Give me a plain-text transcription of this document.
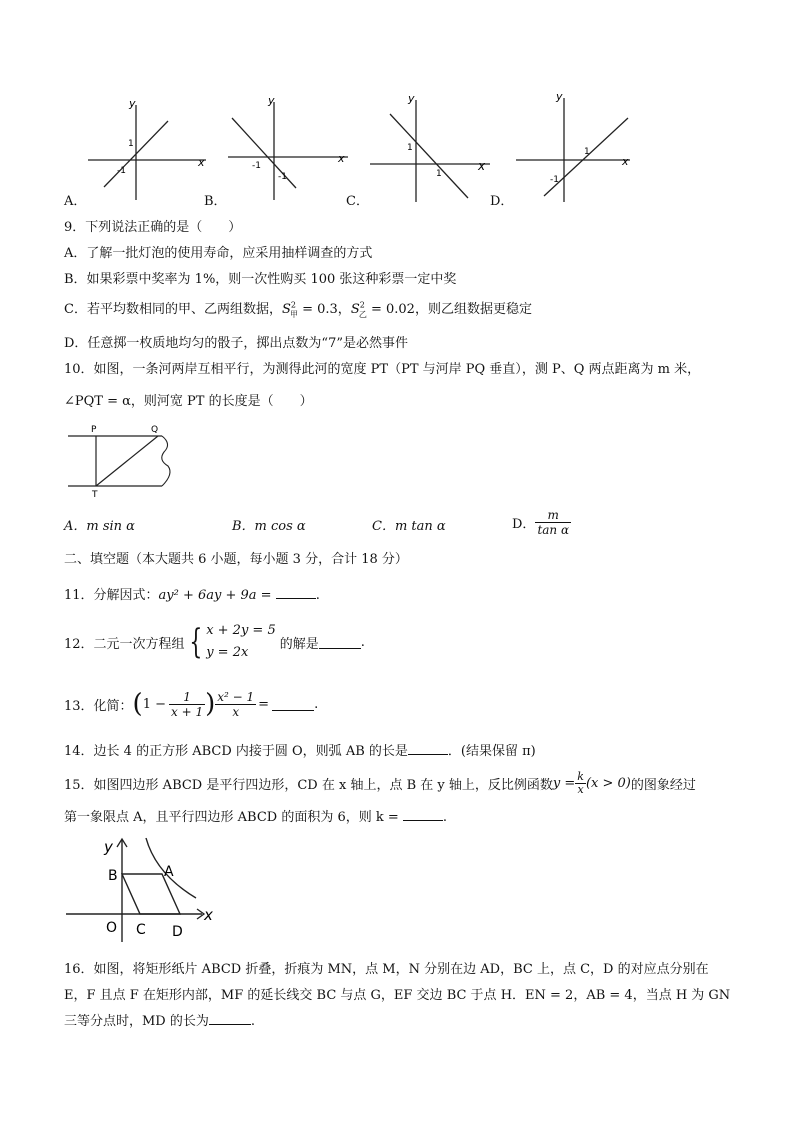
x
y
1
-1
A．
x
y
-1
-1
B．
x
y
1
1
C．
x
y
1
-1
D．
9．下列说法正确的是（　　）
A．了解一批灯泡的使用寿命，应采用抽样调查的方式
B．如果彩票中奖率为 1%，则一次性购买 100 张这种彩票一定中奖
C．若平均数相同的甲、乙两组数据，$S^2_甲 = 0.3$，$S^2_乙 = 0.02$，则乙组数据更稳定
D．任意掷一枚质地均匀的骰子，掷出点数为“7”是必然事件
10．如图，一条河两岸互相平行，为测得此河的宽度 PT（PT 与河岸 PQ 垂直），测 P、Q 两点距离为 m 米，
∠PQT = α，则河宽 PT 的长度是（　　）
P	Q
T
A．m sin α	B．m cos α	C．m tan α	D． $\frac{m}{\text{tan α}}$
二、填空题（本大题共 6 小题，每小题 3 分，合计 18 分）
11．分解因式：ay² + 6ay + 9a =	.
12．二元一次方程组 { x + 2y = 5
y = 2x
的解是	.
13．化简： ( $1 - \frac{1}{x + 1}$ ) $\frac{\text{x² − 1}}{x}$ =	.
14．边长 4 的正方形 ABCD 内接于圆 O，则弧 AB 的长是	．(结果保留 π)
15．如图四边形 ABCD 是平行四边形，CD 在 x 轴上，点 B 在 y 轴上，反比例函数 $y = \frac{k}{x} (x > 0)$ 的图象经过
第一象限点 A，且平行四边形 ABCD 的面积为 6，则 k =	.
y
x
B	A
O C D
16．如图，将矩形纸片 ABCD 折叠，折痕为 MN，点 M，N 分别在边 AD，BC 上，点 C，D 的对应点分别在
E，F 且点 F 在矩形内部，MF 的延长线交 BC 与点 G，EF 交边 BC 于点 H．EN = 2，AB = 4，当点 H 为 GN
三等分点时，MD 的长为	.
